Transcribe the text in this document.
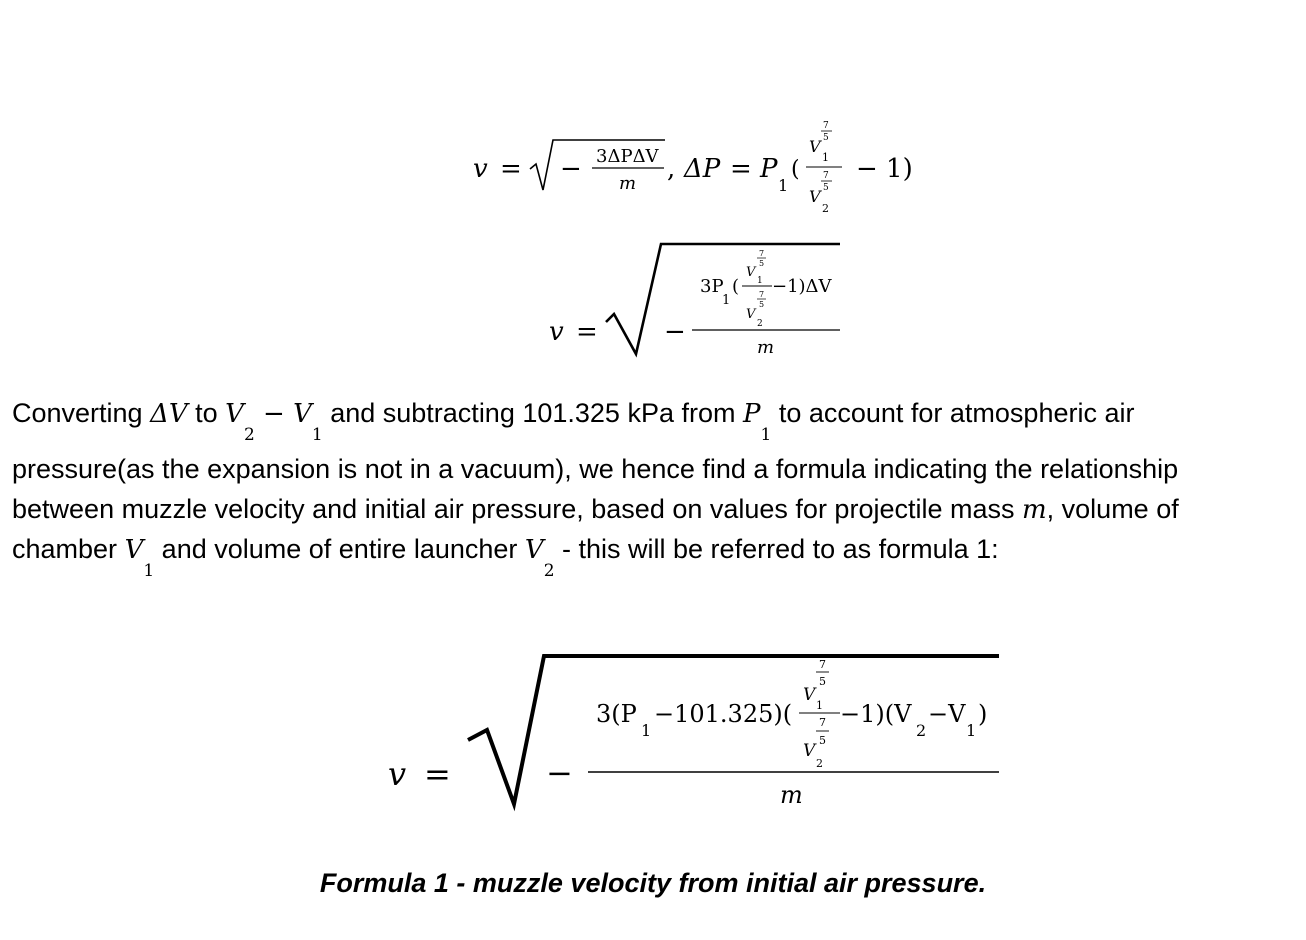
v = − 3ΔPΔV
m , ΔP = P
1
(
V
7
5
1
7
5
V
2
− 1)
v =	−
3P
1
(
V
7
5
1
7
5
V
2
−1)ΔV
m
v =	−
3(P
1
−101.325)(
V
7
5
1
7
5
V
2
−1)(V
2
−V
1
)
m
Converting ΔV to $V_2 - V_1$ and subtracting 101.325 kPa from $P_1$ to account for atmospheric air
pressure(as the expansion is not in a vacuum), we hence find a formula indicating the relationship
between muzzle velocity and initial air pressure, based on values for projectile mass m, volume of
chamber $V_1$ and volume of entire launcher $V_2$ - this will be referred to as formula 1:
Formula 1 - muzzle velocity from initial air pressure.
